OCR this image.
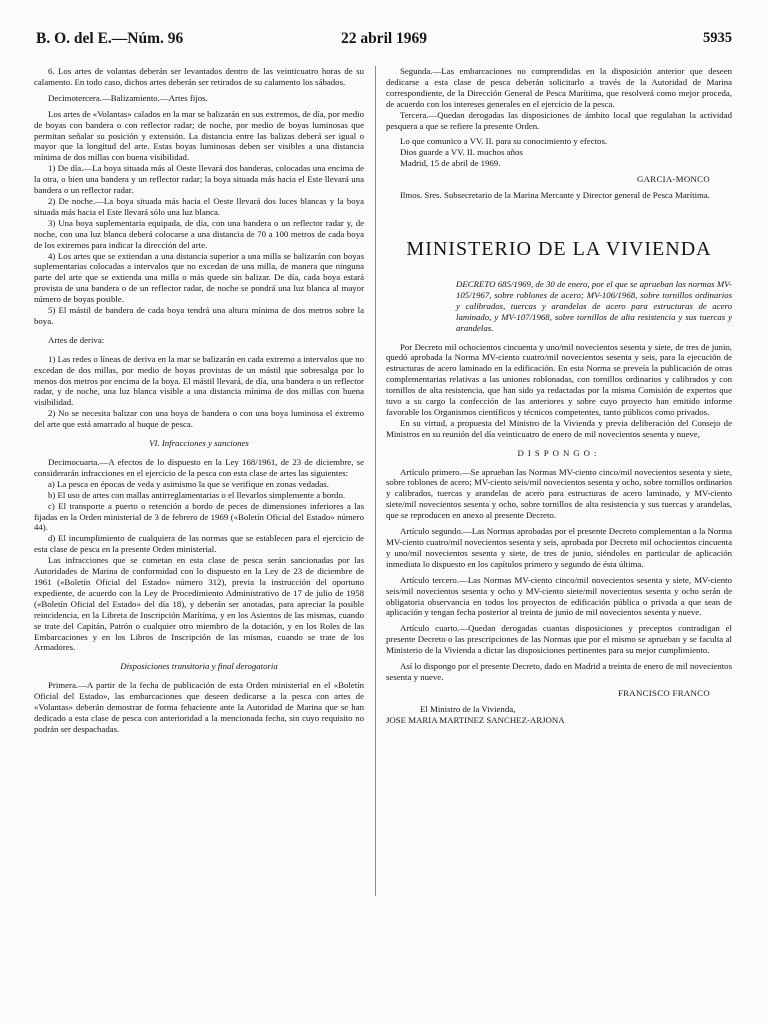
B. O. del E.—Núm. 96	22 abril 1969	5935

6. Los artes de volantas deberán ser levantados dentro de las veinticuatro horas de su calamento. En todo caso, dichos artes deberán ser retirados de su calamento los sábados.

Decimotercera.—Balizamiento.—Artes fijos.

Los artes de «Volantas» calados en la mar se balizarán en sus extremos, de día, por medio de boyas con bandera o con reflector radar; de noche, por medio de boyas luminosas que permitan señalar su posición y extensión. La distancia entre las balizas deberá ser igual o mayor que la longitud del arte. Estas boyas luminosas deben ser visibles a una distancia mínima de dos millas con buena visibilidad.

1) De día.—La boya situada más al Oeste llevará dos banderas, colocadas una encima de la otra, o bien una bandera y un reflector radar; la boya situada más hacia el Este llevará una bandera o un reflector radar.

2) De noche.—La boya situada más hacia el Oeste llevará dos luces blancas y la boya situada más hacia el Este llevará sólo una luz blanca.

3) Una boya suplementaria equipada, de día, con una bandera o un reflector radar y, de noche, con una luz blanca deberá colocarse a una distancia de 70 a 100 metros de cada boya de los extremos para indicar la dirección del arte.

4) Los artes que se extiendan a una distancia superior a una milla se balizarán con boyas suplementarias colocadas a intervalos que no excedan de una milla, de manera que ninguna parte del arte que se extienda una milla o más quede sin balizar. De día, cada boya estará provista de una bandera o de un reflector radar, de noche se pondrá una luz blanca al mayor número de boyas posible.

5) El mástil de bandera de cada boya tendrá una altura mínima de dos metros sobre la boya.

Artes de deriva:

1) Las redes o líneas de deriva en la mar se balizarán en cada extremo a intervalos que no excedan de dos millas, por medio de boyas provistas de un mástil que sobresalga por lo menos dos metros por encima de la boya. El mástil llevará, de día, una bandera o un reflector radar, y de noche, una luz blanca visible a una distancia mínima de dos millas con buena visibilidad.

2) No se necesita balizar con una boya de bandera o con una boya luminosa el extremo del arte que está amarrado al buque de pesca.

VI. Infracciones y sanciones

Decimocuarta.—A efectos de lo dispuesto en la Ley 168/1961, de 23 de diciembre, se considerarán infracciones en el ejercicio de la pesca con esta clase de artes las siguientes:

a) La pesca en épocas de veda y asimismo la que se verifique en zonas vedadas.

b) El uso de artes con mallas antirreglamentarias o el llevarlos simplemente a bordo.

c) El transporte a puerto o retención a bordo de peces de dimensiones inferiores a las fijadas en la Orden ministerial de 3 de febrero de 1969 («Boletín Oficial del Estado» número 44).

d) El incumplimiento de cualquiera de las normas que se establecen para el ejercicio de esta clase de pesca en la presente Orden ministerial.

Las infracciones que se cometan en esta clase de pesca serán sancionadas por las Autoridades de Marina de conformidad con lo dispuesto en la Ley de 23 de diciembre de 1961 («Boletín Oficial del Estado» número 312), previa la instrucción del oportuno expediente, de acuerdo con la Ley de Procedimiento Administrativo de 17 de julio de 1958 («Boletín Oficial del Estado» del día 18), y deberán ser anotadas, para apreciar la posible reincidencia, en la Libreta de Inscripción Marítima, y en los Asientos de las mismas, cuando se trate del Capitán, Patrón o cualquier otro miembro de la dotación, y en los Roles de las Embarcaciones y en los Libros de Inscripción de las mismas, cuando se trate de los Armadores.

Disposiciones transitoria y final derogatoria

Primera.—A partir de la fecha de publicación de esta Orden ministerial en el «Boletín Oficial del Estado», las embarcaciones que deseen dedicarse a la pesca con artes de «Volantas» deberán demostrar de forma fehaciente ante la Autoridad de Marina que se han dedicado a esta clase de pesca con anterioridad a la mencionada fecha, sin cuyo requisito no podrán ser despachadas.

Segunda.—Las embarcaciones no comprendidas en la disposición anterior que deseen dedicarse a esta clase de pesca deberán solicitarlo a través de la Autoridad de Marina correspondiente, de la Dirección General de Pesca Marítima, que resolverá como mejor proceda, de acuerdo con los intereses generales en el ejercicio de la pesca.

Tercera.—Quedan derogadas las disposiciones de ámbito local que regulaban la actividad pesquera a que se refiere la presente Orden.

Lo que comunico a VV. II. para su conocimiento y efectos.

Dios guarde a VV. II. muchos años

Madrid, 15 de abril de 1969.

GARCIA-MONCO

Ilmos. Sres. Subsecretario de la Marina Mercante y Director general de Pesca Marítima.

MINISTERIO DE LA VIVIENDA

DECRETO 685/1969, de 30 de enero, por el que se aprueban las normas MV-105/1967, sobre roblones de acero; MV-106/1968, sobre tornillos ordinarios y calibrados, tuercas y arandelas de acero para estructuras de acero laminado, y MV-107/1968, sobre tornillos de alta resistencia y sus tuercas y arandelas.

Por Decreto mil ochocientos cincuenta y uno/mil novecientos sesenta y siete, de tres de junio, quedó aprobada la Norma MV-ciento cuatro/mil novecientos sesenta y seis, para la ejecución de estructuras de acero laminado en la edificación. En esta Norma se preveía la publicación de otras complementarias relativas a las uniones roblonadas, con tornillos ordinarios y calibrados y con tornillos de alta resistencia, que han sido ya redactadas por la misma Comisión de expertos que tuvo a su cargo la confección de las anteriores y sobre cuyo proyecto han emitido informe favorable los Organismos científicos y técnicos competentes, tanto públicos como privados.

En su virtud, a propuesta del Ministro de la Vivienda y previa deliberación del Consejo de Ministros en su reunión del día veinticuatro de enero de mil novecientos sesenta y nueve,

DISPONGO:

Artículo primero.—Se aprueban las Normas MV-ciento cinco/mil novecientos sesenta y siete, sobre roblones de acero; MV-ciento seis/mil novecientos sesenta y ocho, sobre tornillos ordinarios y calibrados, tuercas y arandelas de acero para estructuras de acero laminado, y MV-ciento siete/mil novecientos sesenta y ocho, sobre tornillos de alta resistencia y sus tuercas y arandelas, que se reproducen en anexo al presente Decreto.

Artículo segundo.—Las Normas aprobadas por el presente Decreto complementan a la Norma MV-ciento cuatro/mil novecientos sesenta y seis, aprobada por Decreto mil ochocientos cincuenta y uno/mil novecientos sesenta y siete, de tres de junio, siéndoles en particular de aplicación inmediata lo dispuesto en los capítulos primero y segundo de ésta última.

Artículo tercero.—Las Normas MV-ciento cinco/mil novecientos sesenta y siete, MV-ciento seis/mil novecientos sesenta y ocho y MV-ciento siete/mil novecientos sesenta y ocho serán de obligatoria observancia en todos los proyectos de edificación pública o privada a que sean de aplicación y tengan fecha posterior al treinta de junio de mil novecientos sesenta y nueve.

Artículo cuarto.—Quedan derogadas cuantas disposiciones y preceptos contradigan el presente Decreto o las prescripciones de las Normas que por el mismo se aprueban y se faculta al Ministerio de la Vivienda a dictar las disposiciones pertinentes para su mejor cumplimiento.

Así lo dispongo por el presente Decreto, dado en Madrid a treinta de enero de mil novecientos sesenta y nueve.

FRANCISCO FRANCO

El Ministro de la Vivienda,

JOSE MARIA MARTINEZ SANCHEZ-ARJONA
